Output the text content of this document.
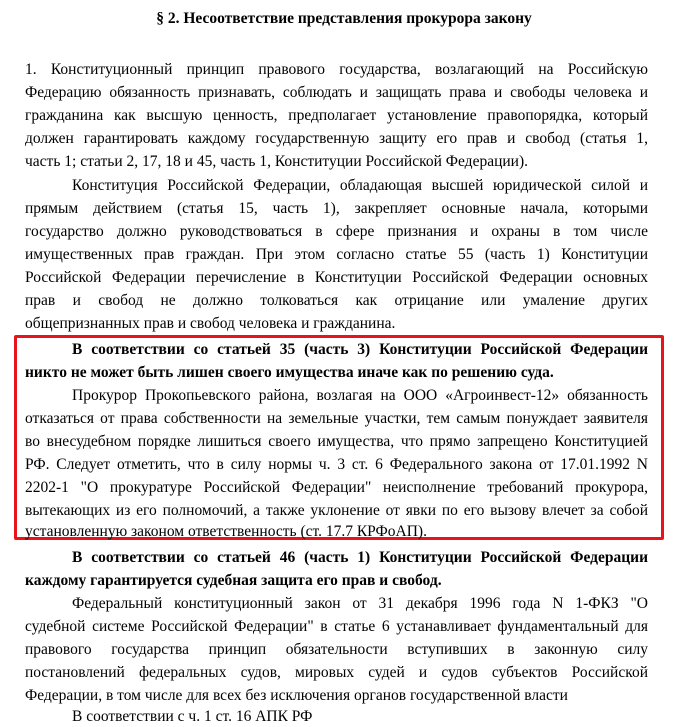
§ 2. Несоответствие представления прокурора закону
1. Конституционный принцип правового государства, возлагающий на Российскую
Федерацию обязанность признавать, соблюдать и защищать права и свободы человека и
гражданина как высшую ценность, предполагает установление правопорядка, который
должен гарантировать каждому государственную защиту его прав и свобод (статья 1,
часть 1; статьи 2, 17, 18 и 45, часть 1, Конституции Российской Федерации).
Конституция Российской Федерации, обладающая высшей юридической силой и
прямым действием (статья 15, часть 1), закрепляет основные начала, которыми
государство должно руководствоваться в сфере признания и охраны в том числе
имущественных прав граждан. При этом согласно статье 55 (часть 1) Конституции
Российской Федерации перечисление в Конституции Российской Федерации основных
прав и свобод не должно толковаться как отрицание или умаление других
общепризнанных прав и свобод человека и гражданина.
В соответствии со статьей 35 (часть 3) Конституции Российской Федерации
никто не может быть лишен своего имущества иначе как по решению суда.
Прокурор Прокопьевского района, возлагая на ООО «Агроинвест-12» обязанность
отказаться от права собственности на земельные участки, тем самым понуждает заявителя
во внесудебном порядке лишиться своего имущества, что прямо запрещено Конституцией
РФ. Следует отметить, что в силу нормы ч. 3 ст. 6 Федерального закона от 17.01.1992 N
2202-1 "О прокуратуре Российской Федерации" неисполнение требований прокурора,
вытекающих из его полномочий, а также уклонение от явки по его вызову влечет за собой
установленную законом ответственность (ст. 17.7 КРФоАП).
В соответствии со статьей 46 (часть 1) Конституции Российской Федерации
каждому гарантируется судебная защита его прав и свобод.
Федеральный конституционный закон от 31 декабря 1996 года N 1-ФКЗ "О
судебной системе Российской Федерации" в статье 6 устанавливает фундаментальный для
правового государства принцип обязательности вступивших в законную силу
постановлений федеральных судов, мировых судей и судов субъектов Российской
Федерации, в том числе для всех без исключения органов государственной власти
В соответствии с ч. 1 ст. 16 АПК РФ
